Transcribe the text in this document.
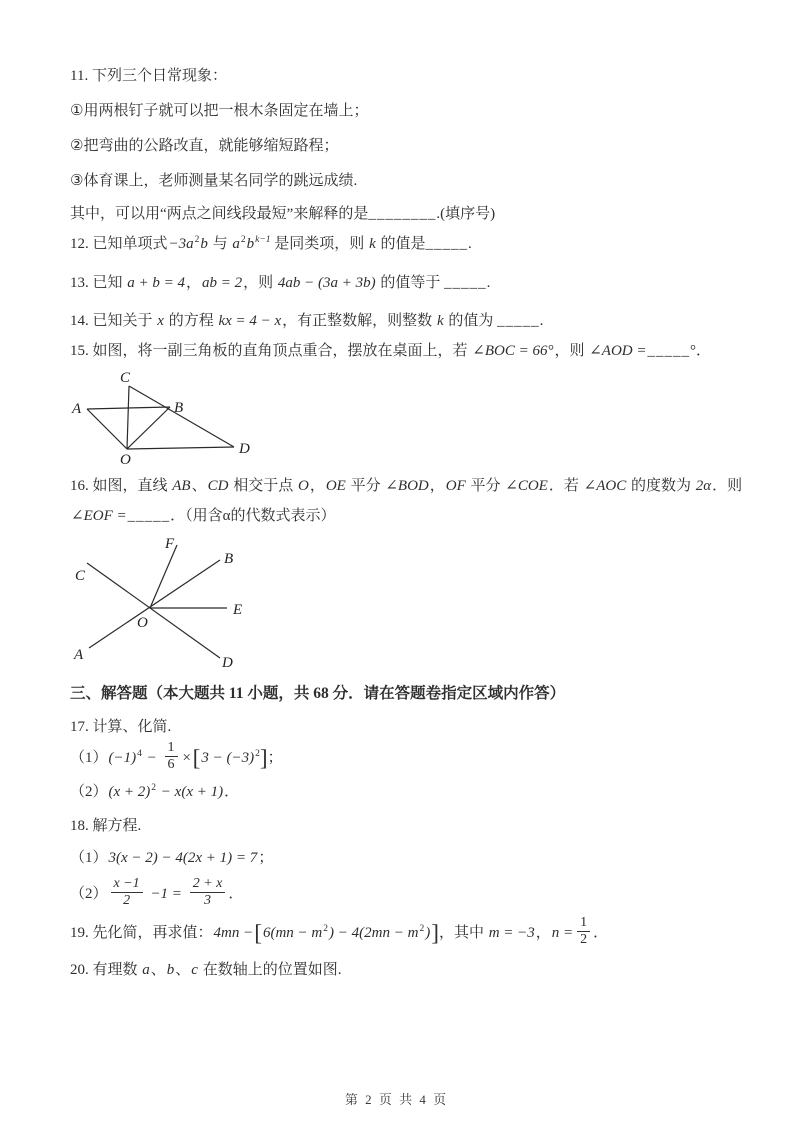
11. 下列三个日常现象：
①用两根钉子就可以把一根木条固定在墙上；
②把弯曲的公路改直，就能够缩短路程；
③体育课上，老师测量某名同学的跳远成绩.
其中，可以用“两点之间线段最短”来解释的是________.(填序号)
12. 已知单项式$-3a^2b$ 与 $a^2b^{k-1}$ 是同类项，则 k 的值是_____.
13. 已知 a + b = 4，ab = 2，则 4ab − (3a + 3b) 的值等于 _____.
14. 已知关于 x 的方程 kx = 4 − x，有正整数解，则整数 k 的值为 _____.
15. 如图，将一副三角板的直角顶点重合，摆放在桌面上，若 ∠BOC = 66°，则 ∠AOD =_____°．
C
A	B
O
D
16. 如图，直线 AB、CD 相交于点 O，OE 平分 ∠BOD，OF 平分 ∠COE．若 ∠AOC 的度数为 2α．则
∠EOF =_____．（用含α的代数式表示）
F
B
C
E
O
A	D
三、解答题（本大题共 11 小题，共 68 分．请在答题卷指定区域内作答）
17. 计算、化简.
$(1)(-1)^4 - \frac{1}{6} \times[3 - (-3)^2]$；
$(2)(x + 2)^2 - x(x + 1)$．
18. 解方程.
（1）3(x − 2) − 4(2x + 1) = 7；
$(2) \frac{x -1}{2} -1 = \frac{2 + x}{3}$ ．
19. 先化简，再求值：$4mn -[6(mn - m^2) - 4(2mn - m^2)]$，其中 m = −3，$n = \frac{1}{2}$ ．
20. 有理数 a、b、c 在数轴上的位置如图.
第 2 页 共 4 页
